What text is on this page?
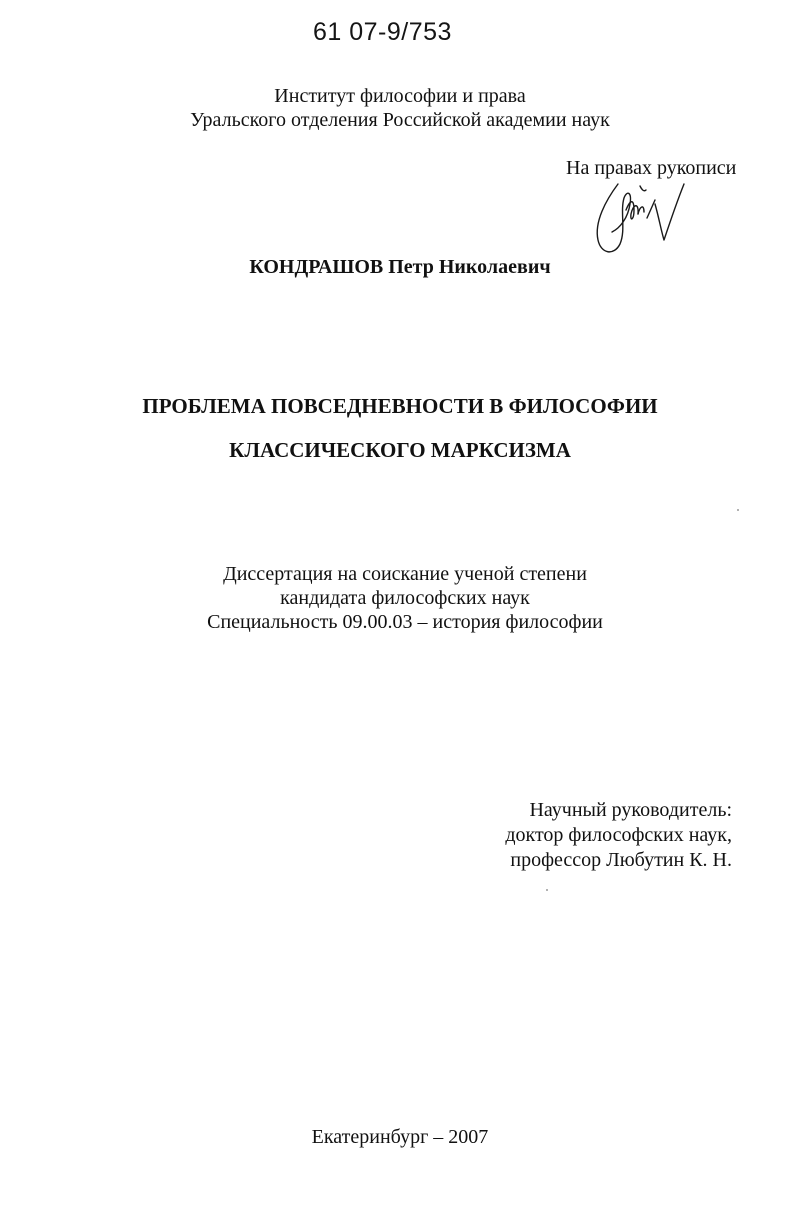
61 07-9/753
Институт философии и права
Уральского отделения Российской академии наук
На правах рукописи
КОНДРАШОВ Петр Николаевич
ПРОБЛЕМА ПОВСЕДНЕВНОСТИ В ФИЛОСОФИИ
КЛАССИЧЕСКОГО МАРКСИЗМА
Диссертация на соискание ученой степени
кандидата философских наук
Специальность 09.00.03 – история философии
Научный руководитель:
доктор философских наук,
профессор Любутин К. Н.
Екатеринбург – 2007
